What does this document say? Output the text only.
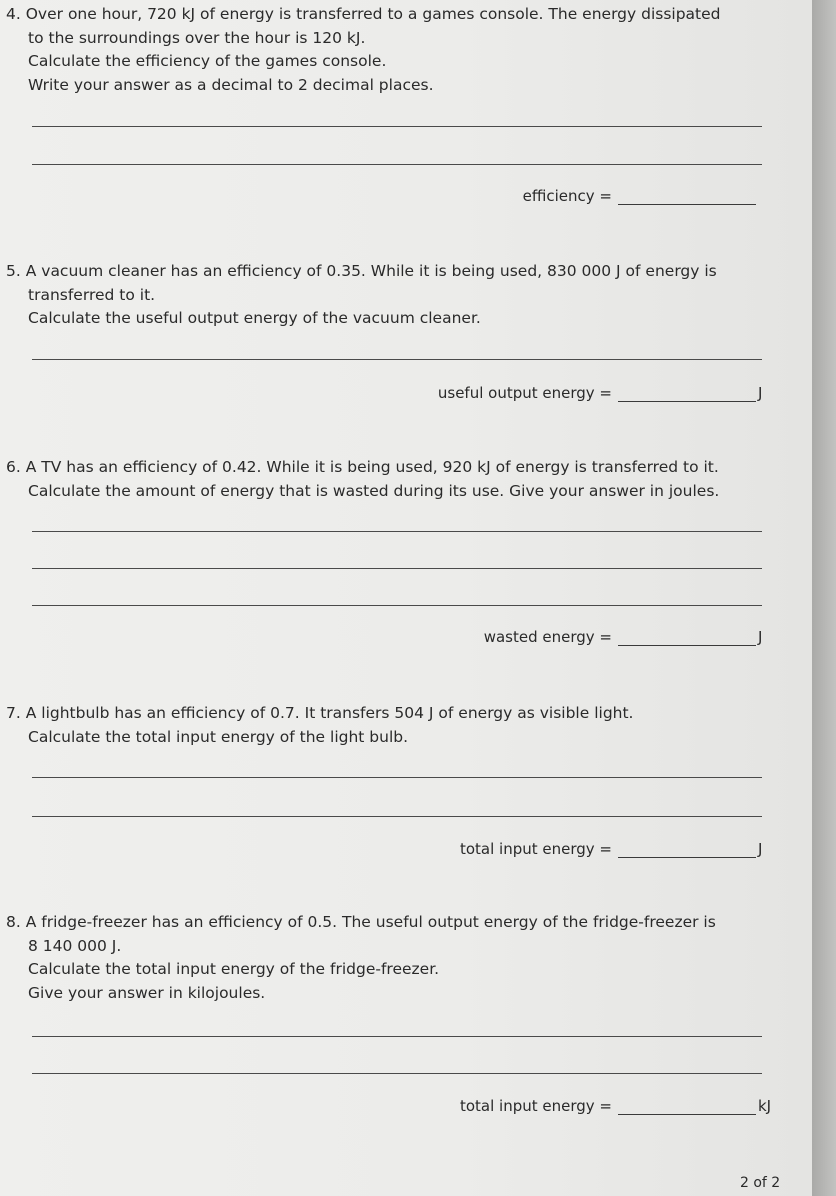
4. Over one hour, 720 kJ of energy is transferred to a games console. The energy dissipated
to the surroundings over the hour is 120 kJ.
Calculate the efficiency of the games console.
Write your answer as a decimal to 2 decimal places.
efficiency =
5. A vacuum cleaner has an efficiency of 0.35. While it is being used, 830 000 J of energy is
transferred to it.
Calculate the useful output energy of the vacuum cleaner.
useful output energy =	J
6. A TV has an efficiency of 0.42. While it is being used, 920 kJ of energy is transferred to it.
Calculate the amount of energy that is wasted during its use. Give your answer in joules.
wasted energy =	J
7. A lightbulb has an efficiency of 0.7. It transfers 504 J of energy as visible light.
Calculate the total input energy of the light bulb.
total input energy =	J
8. A fridge-freezer has an efficiency of 0.5. The useful output energy of the fridge-freezer is
8 140 000 J.
Calculate the total input energy of the fridge-freezer.
Give your answer in kilojoules.
total input energy =	kJ
2 of 2
